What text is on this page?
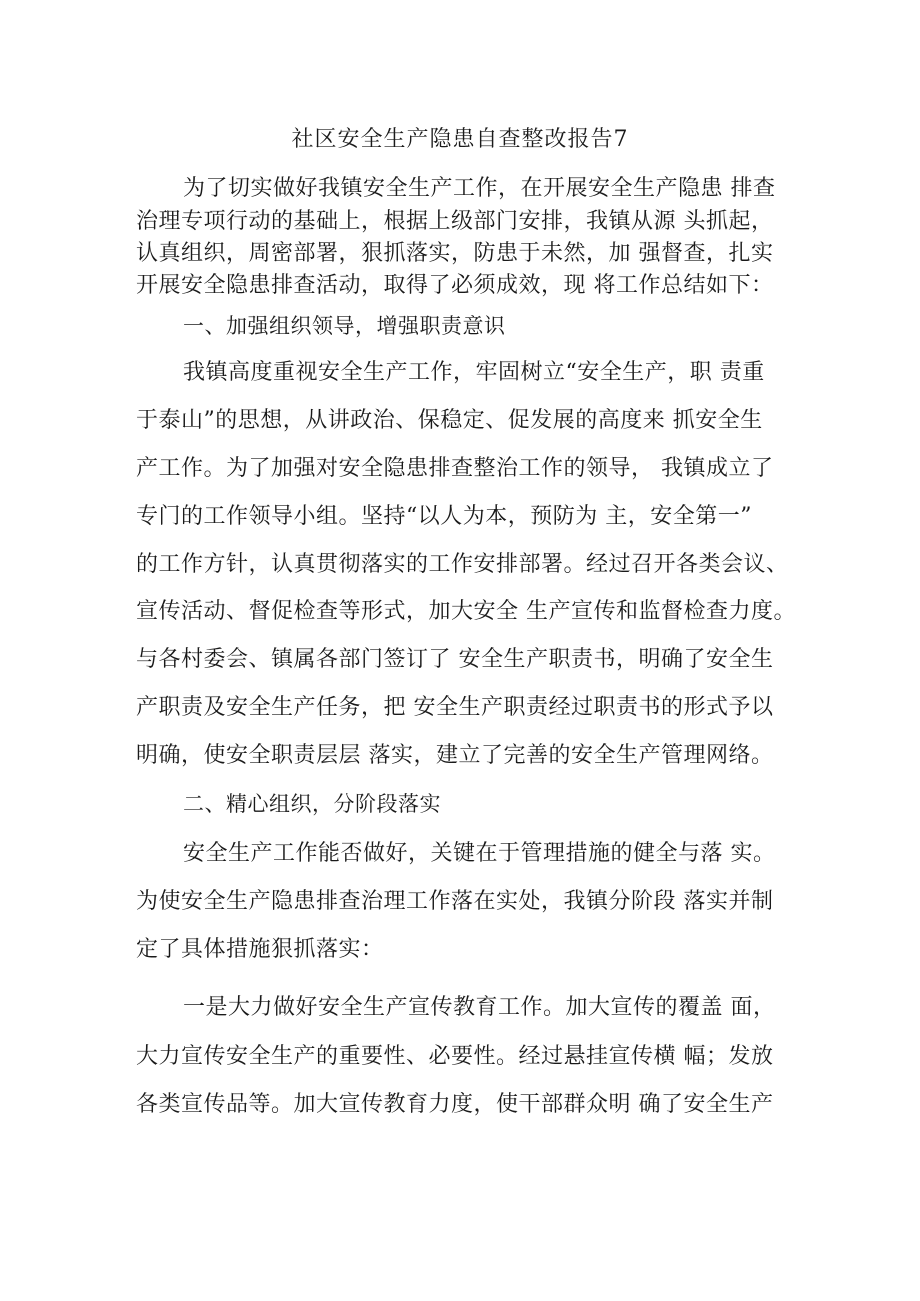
社区安全生产隐患自查整改报告7
为了切实做好我镇安全生产工作，在开展安全生产隐患 排查
治理专项行动的基础上，根据上级部门安排，我镇从源 头抓起，
认真组织，周密部署，狠抓落实，防患于未然，加 强督查，扎实
开展安全隐患排查活动，取得了必须成效，现 将工作总结如下：
一、加强组织领导，增强职责意识
我镇高度重视安全生产工作，牢固树立“安全生产，职 责重
于泰山”的思想，从讲政治、保稳定、促发展的高度来 抓安全生
产工作。为了加强对安全隐患排查整治工作的领导， 我镇成立了
专门的工作领导小组。坚持“以人为本，预防为 主，安全第一”
的工作方针，认真贯彻落实的工作安排部署。经过召开各类会议、
宣传活动、督促检查等形式，加大安全 生产宣传和监督检查力度。
与各村委会、镇属各部门签订了 安全生产职责书，明确了安全生
产职责及安全生产任务，把 安全生产职责经过职责书的形式予以
明确，使安全职责层层 落实，建立了完善的安全生产管理网络。
二、精心组织，分阶段落实
安全生产工作能否做好，关键在于管理措施的健全与落 实。
为使安全生产隐患排查治理工作落在实处，我镇分阶段 落实并制
定了具体措施狠抓落实：
一是大力做好安全生产宣传教育工作。加大宣传的覆盖 面，
大力宣传安全生产的重要性、必要性。经过悬挂宣传横 幅；发放
各类宣传品等。加大宣传教育力度，使干部群众明 确了安全生产
